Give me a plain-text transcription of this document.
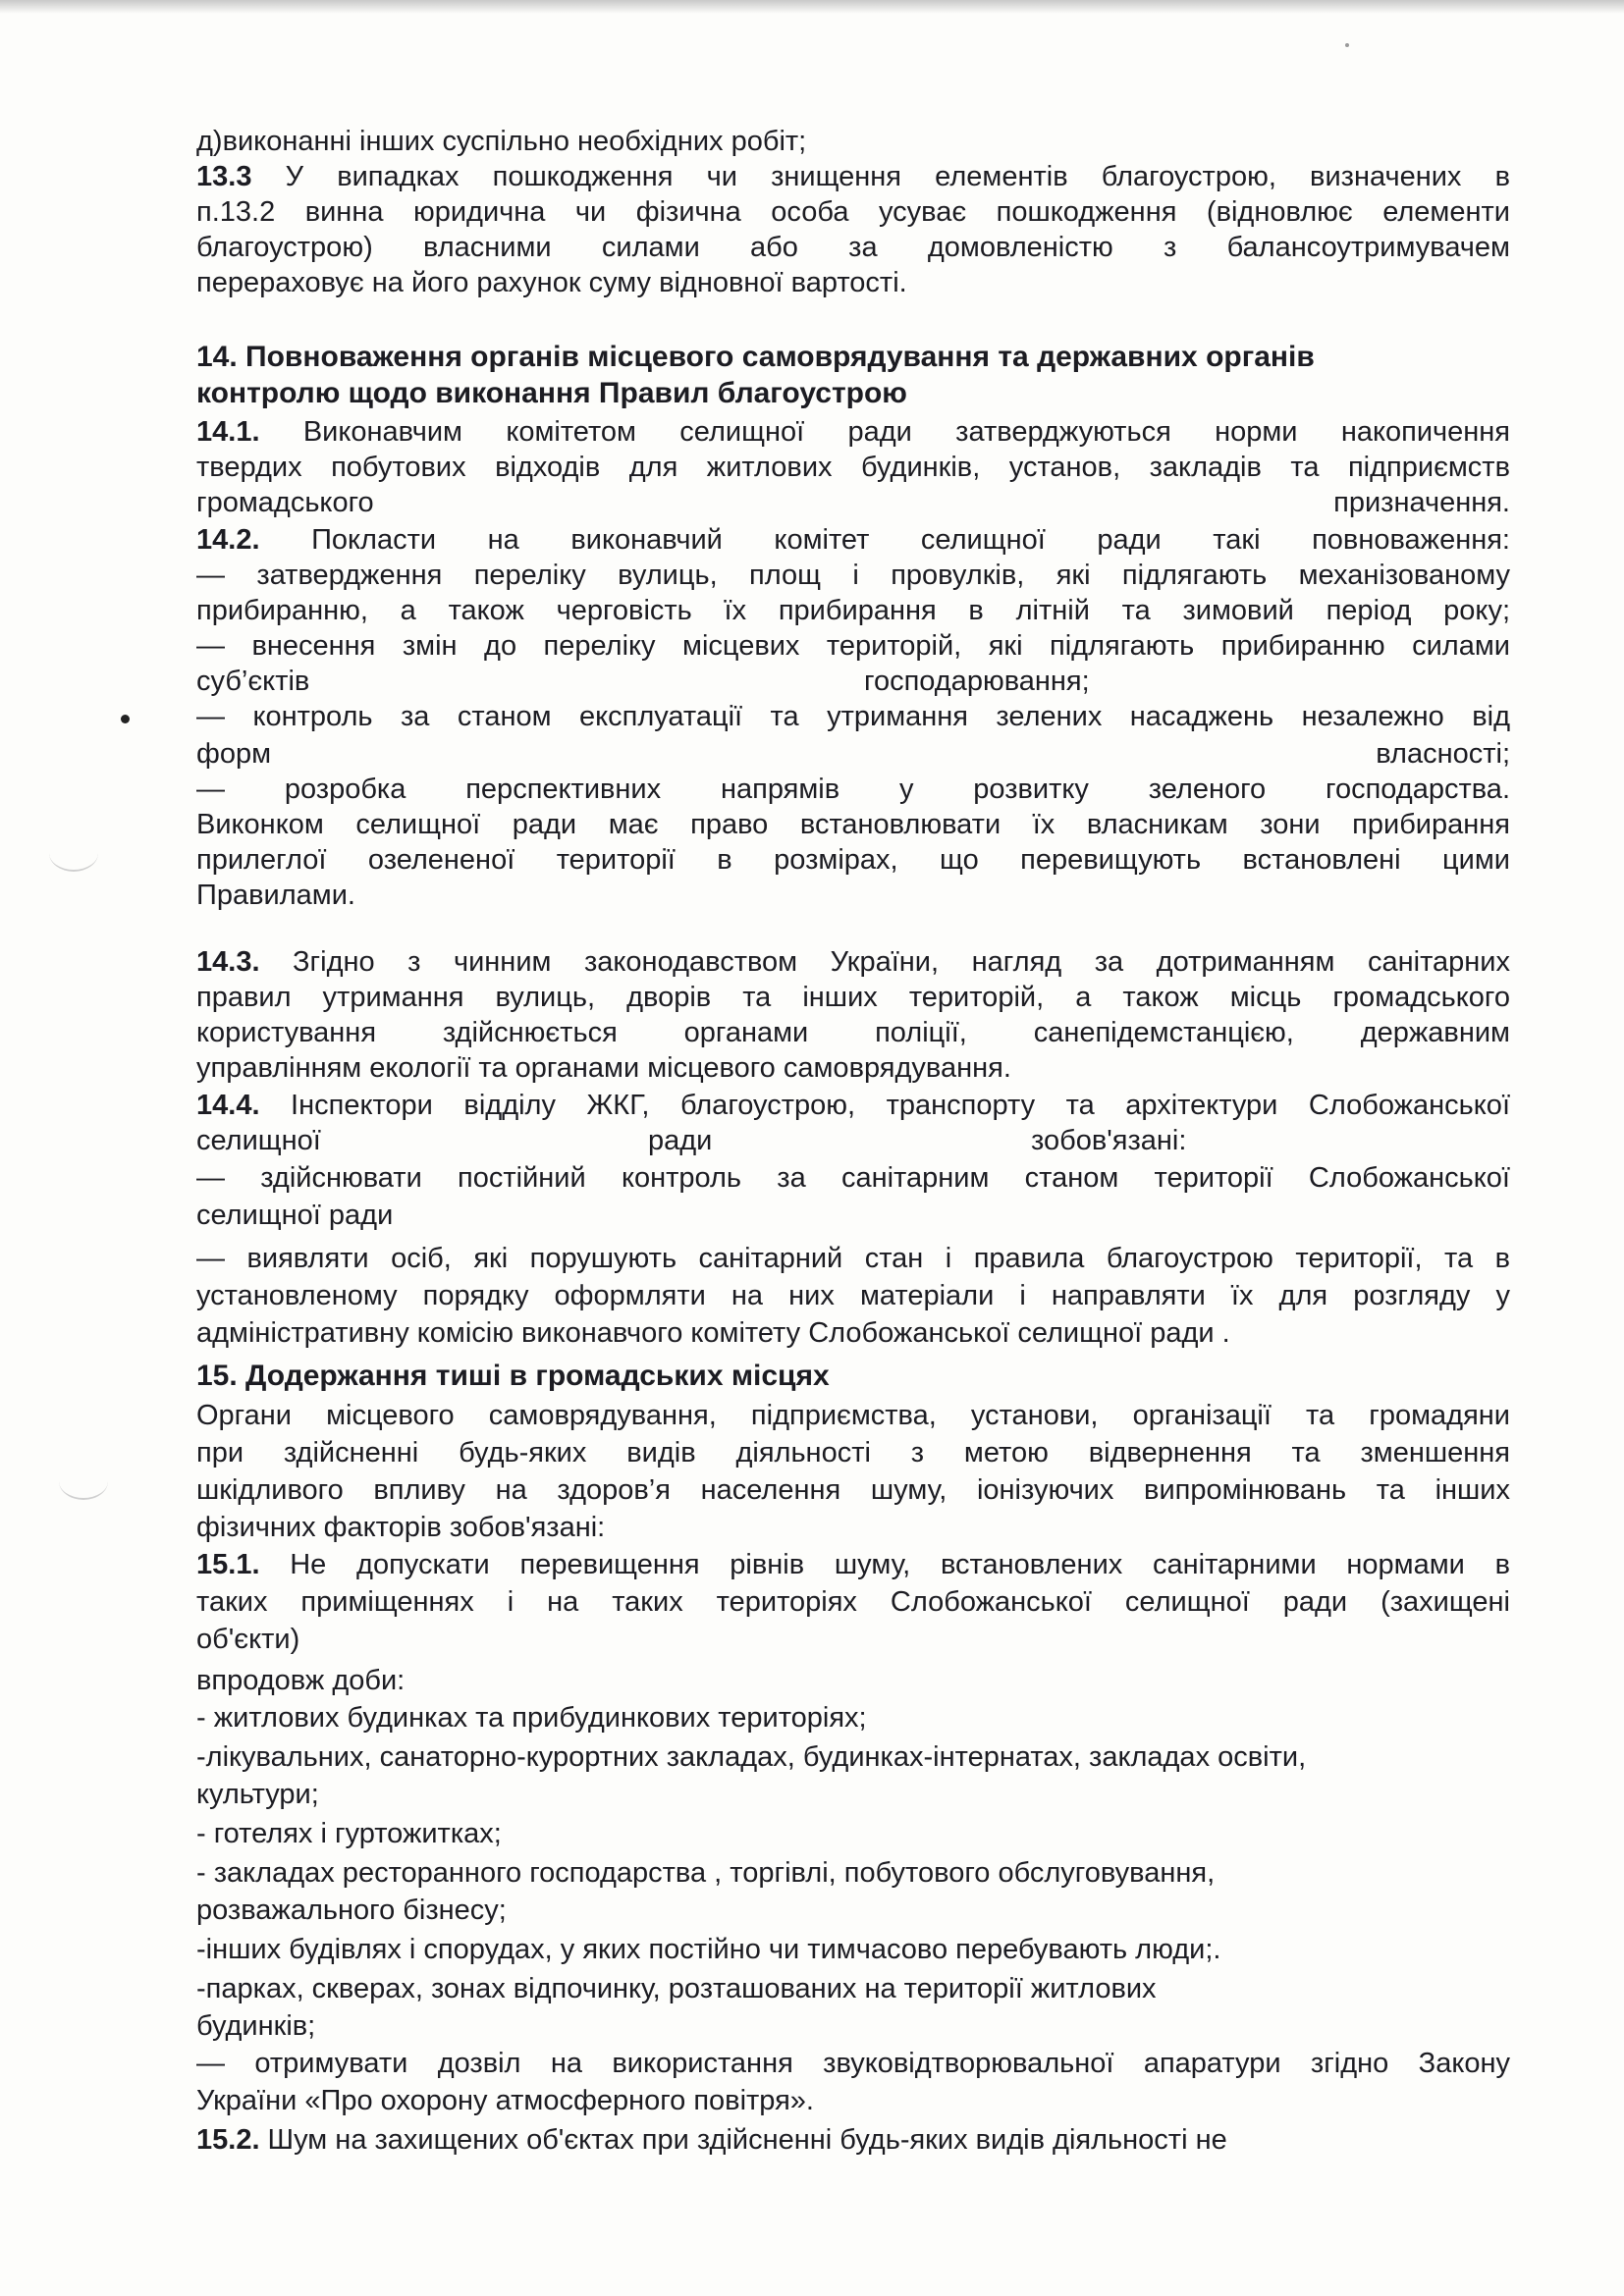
д)виконанні інших суспільно необхідних робіт;
13.3 У випадках пошкодження чи знищення елементів благоустрою, визначених в
п.13.2 винна юридична чи фізична особа усуває пошкодження (відновлює елементи
благоустрою) власними силами або за домовленістю з балансоутримувачем
перераховує на його рахунок суму відновної вартості.
14. Повноваження органів місцевого самоврядування та державних органів
контролю щодо виконання Правил благоустрою
14.1. Виконавчим комітетом селищної ради затверджуються норми накопичення
твердих побутових відходів для житлових будинків, установ, закладів та підприємств
громадського	призначення.
14.2. Покласти на виконавчий комітет селищної ради такі повноваження:
— затвердження переліку вулиць, площ і провулків, які підлягають механізованому
прибиранню, а також черговість їх прибирання в літній та зимовий період року;
— внесення змін до переліку місцевих територій, які підлягають прибиранню силами
суб’єктів	господарювання;
— контроль за станом експлуатації та утримання зелених насаджень незалежно від
форм	власності;
— розробка перспективних напрямів у розвитку зеленого господарства.
Виконком селищної ради має право встановлювати їх власникам зони прибирання
прилеглої озелененої території в розмірах, що перевищують встановлені цими
Правилами.
14.3. Згідно з чинним законодавством України, нагляд за дотриманням санітарних
правил утримання вулиць, дворів та інших територій, а також місць громадського
користування здійснюється органами поліції, санепідемстанцією, державним
управлінням екології та органами місцевого самоврядування.
14.4. Інспектори відділу ЖКГ, благоустрою, транспорту та архітектури Слобожанської
селищної	ради	зобов'язані:
— здійснювати постійний контроль за санітарним станом території Слобожанської
селищної ради
— виявляти осіб, які порушують санітарний стан і правила благоустрою території, та в
установленому порядку оформляти на них матеріали і направляти їх для розгляду у
адміністративну комісію виконавчого комітету Слобожанської селищної ради .
15. Додержання тиші в громадських місцях
Органи місцевого самоврядування, підприємства, установи, організації та громадяни
при здійсненні будь-яких видів діяльності з метою відвернення та зменшення
шкідливого впливу на здоров’я населення шуму, іонізуючих випромінювань та інших
фізичних факторів зобов'язані:
15.1. Не допускати перевищення рівнів шуму, встановлених санітарними нормами в
таких приміщеннях і на таких територіях Слобожанської селищної ради (захищені
об'єкти)
впродовж доби:
- житлових будинках та прибудинкових територіях;
-лікувальних, санаторно-курортних закладах, будинках-інтернатах, закладах освіти,
культури;
- готелях і гуртожитках;
- закладах ресторанного господарства , торгівлі, побутового обслуговування,
розважального бізнесу;
-інших будівлях і спорудах, у яких постійно чи тимчасово перебувають люди;.
-парках, скверах, зонах відпочинку, розташованих на території житлових
будинків;
— отримувати дозвіл на використання звуковідтворювальної апаратури згідно Закону
України «Про охорону атмосферного повітря».
15.2. Шум на захищених об'єктах при здійсненні будь-яких видів діяльності не
